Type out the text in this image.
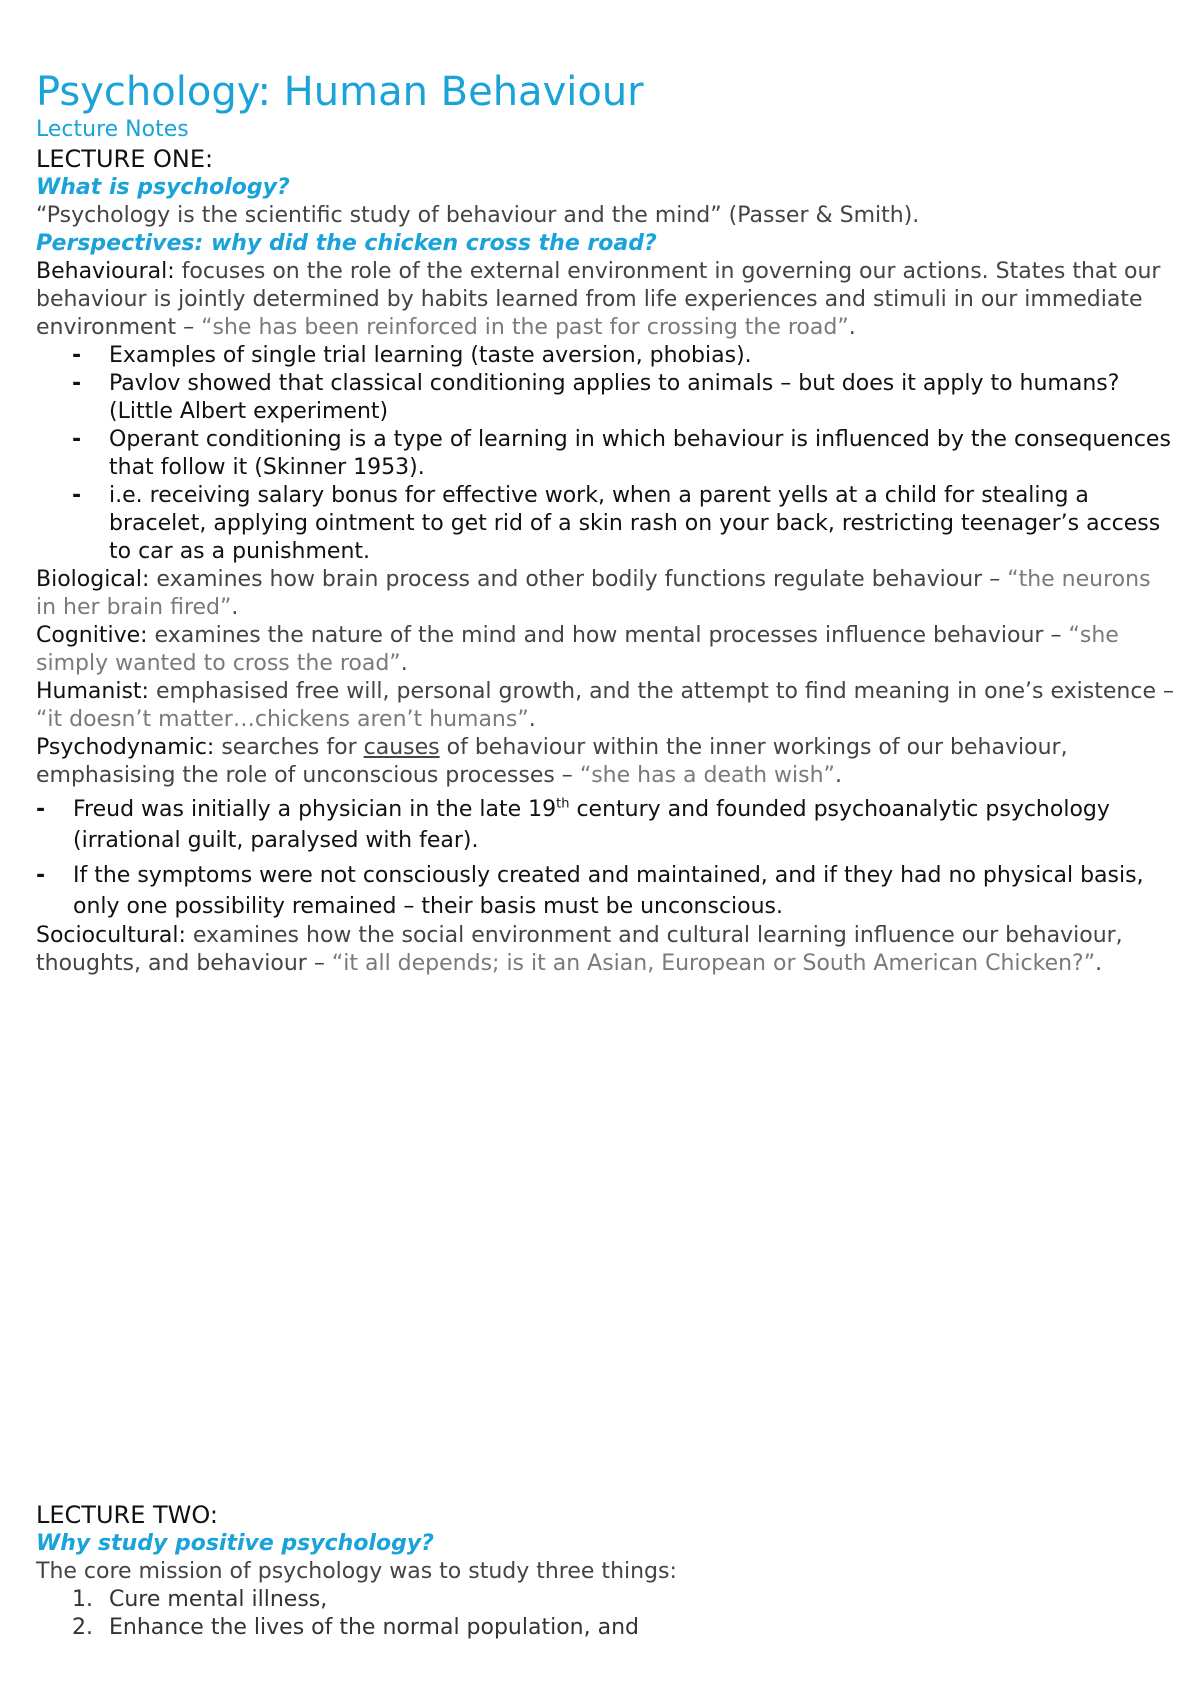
Psychology: Human Behaviour
Lecture Notes
LECTURE ONE:
What is psychology?

“Psychology is the scientific study of behaviour and the mind” (Passer & Smith).

Perspectives: why did the chicken cross the road?

Behavioural: focuses on the role of the external environment in governing our actions. States that our behaviour is jointly determined by habits learned from life experiences and stimuli in our immediate environment – “she has been reinforced in the past for crossing the road”.

- Examples of single trial learning (taste aversion, phobias).
- Pavlov showed that classical conditioning applies to animals – but does it apply to humans? (Little Albert experiment)
- Operant conditioning is a type of learning in which behaviour is influenced by the consequences that follow it (Skinner 1953).
- i.e. receiving salary bonus for effective work, when a parent yells at a child for stealing a bracelet, applying ointment to get rid of a skin rash on your back, restricting teenager’s access to car as a punishment.

Biological: examines how brain process and other bodily functions regulate behaviour – “the neurons in her brain fired”.

Cognitive: examines the nature of the mind and how mental processes influence behaviour – “she simply wanted to cross the road”.

Humanist: emphasised free will, personal growth, and the attempt to find meaning in one’s existence – “it doesn’t matter…chickens aren’t humans”.

Psychodynamic: searches for causes of behaviour within the inner workings of our behaviour, emphasising the role of unconscious processes – “she has a death wish”.

- Freud was initially a physician in the late 19th century and founded psychoanalytic psychology (irrational guilt, paralysed with fear).
- If the symptoms were not consciously created and maintained, and if they had no physical basis, only one possibility remained – their basis must be unconscious.

Sociocultural: examines how the social environment and cultural learning influence our behaviour, thoughts, and behaviour – “it all depends; is it an Asian, European or South American Chicken?”.

LECTURE TWO:
Why study positive psychology?

The core mission of psychology was to study three things:

1. Cure mental illness,
2. Enhance the lives of the normal population, and
